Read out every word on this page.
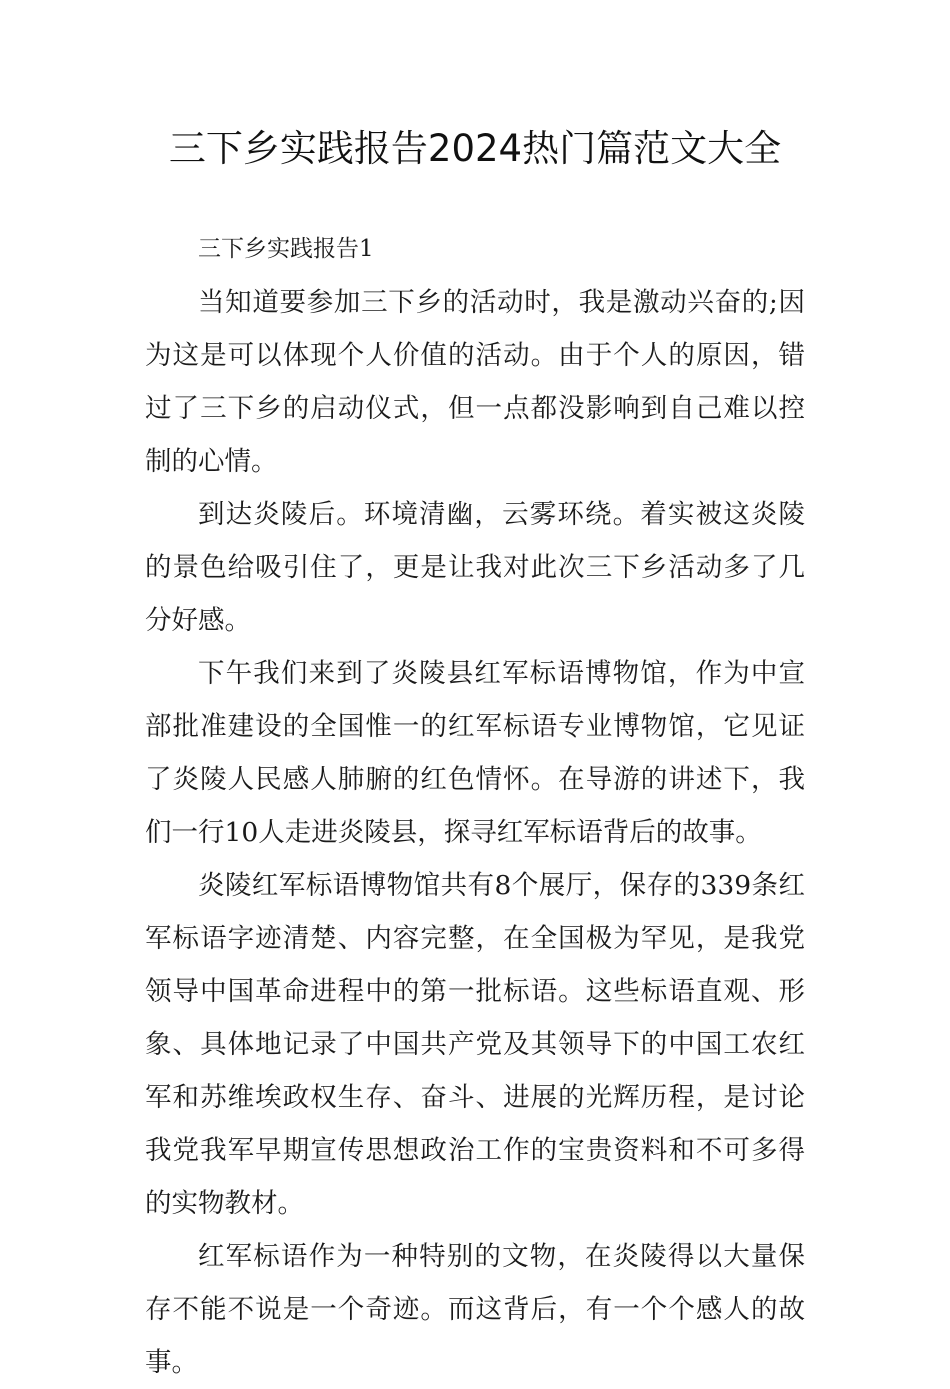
三下乡实践报告2024热门篇范文大全

三下乡实践报告1

当知道要参加三下乡的活动时，我是激动兴奋的;因为这是可以体现个人价值的活动。由于个人的原因，错过了三下乡的启动仪式，但一点都没影响到自己难以控制的心情。

到达炎陵后。环境清幽，云雾环绕。着实被这炎陵的景色给吸引住了，更是让我对此次三下乡活动多了几分好感。

下午我们来到了炎陵县红军标语博物馆，作为中宣部批准建设的全国惟一的红军标语专业博物馆，它见证了炎陵人民感人肺腑的红色情怀。在导游的讲述下，我们一行10人走进炎陵县，探寻红军标语背后的故事。

炎陵红军标语博物馆共有8个展厅，保存的339条红军标语字迹清楚、内容完整，在全国极为罕见，是我党领导中国革命进程中的第一批标语。这些标语直观、形象、具体地记录了中国共产党及其领导下的中国工农红军和苏维埃政权生存、奋斗、进展的光辉历程，是讨论我党我军早期宣传思想政治工作的宝贵资料和不可多得的实物教材。

红军标语作为一种特别的文物，在炎陵得以大量保存不能不说是一个奇迹。而这背后，有一个个感人的故事。
